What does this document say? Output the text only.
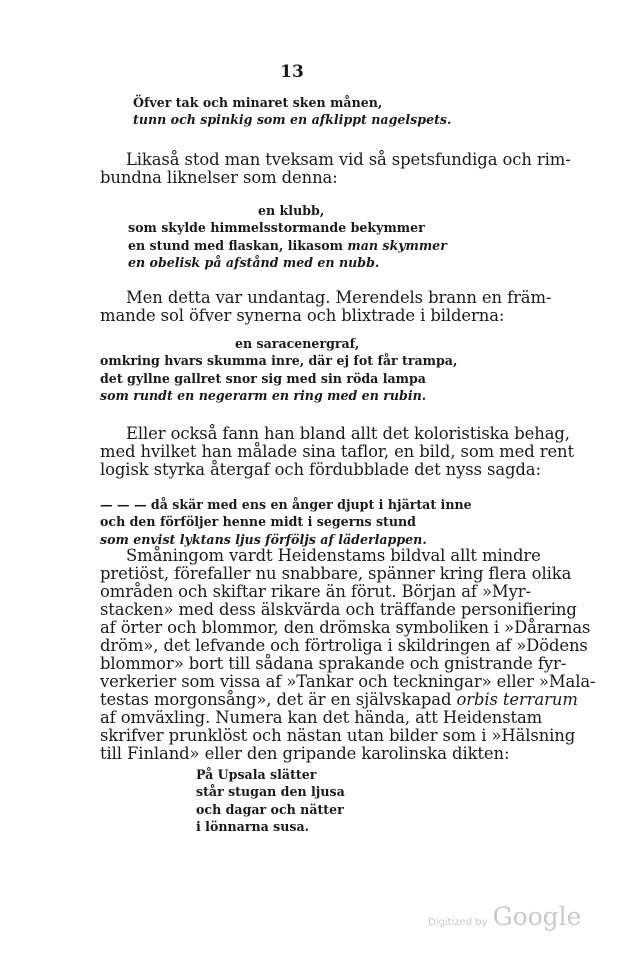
13
Öfver tak och minaret sken månen,
tunn och spinkig som en afklippt nagelspets.
Likaså stod man tveksam vid så spetsfundiga och rim-
bundna liknelser som denna:
en klubb,
som skylde himmelsstormande bekymmer
en stund med flaskan, likasom man skymmer
en obelisk på afstånd med en nubb.
Men detta var undantag. Merendels brann en främ-
mande sol öfver synerna och blixtrade i bilderna:
en saracenergraf,
omkring hvars skumma inre, där ej fot får trampa,
det gyllne gallret snor sig med sin röda lampa
som rundt en negerarm en ring med en rubin.
Eller också fann han bland allt det koloristiska behag,
med hvilket han målade sina taflor, en bild, som med rent
logisk styrka återgaf och fördubblade det nyss sagda:
— — — då skär med ens en ånger djupt i hjärtat inne
och den förföljer henne midt i segerns stund
som envist lyktans ljus förföljs af läderlappen.
Småningom vardt Heidenstams bildval allt mindre
pretiöst, förefaller nu snabbare, spänner kring flera olika
områden och skiftar rikare än förut. Början af »Myr-
stacken» med dess älskvärda och träffande personifiering
af örter och blommor, den drömska symboliken i »Dårarnas
dröm», det lefvande och förtroliga i skildringen af »Dödens
blommor» bort till sådana sprakande och gnistrande fyr-
verkerier som vissa af »Tankar och teckningar» eller »Mala-
testas morgonsång», det är en självskapad orbis terrarum
af omväxling. Numera kan det hända, att Heidenstam
skrifver prunklöst och nästan utan bilder som i »Hälsning
till Finland» eller den gripande karolinska dikten:
På Upsala slätter
står stugan den ljusa
och dagar och nätter
i lönnarna susa.
Digitized by Google
